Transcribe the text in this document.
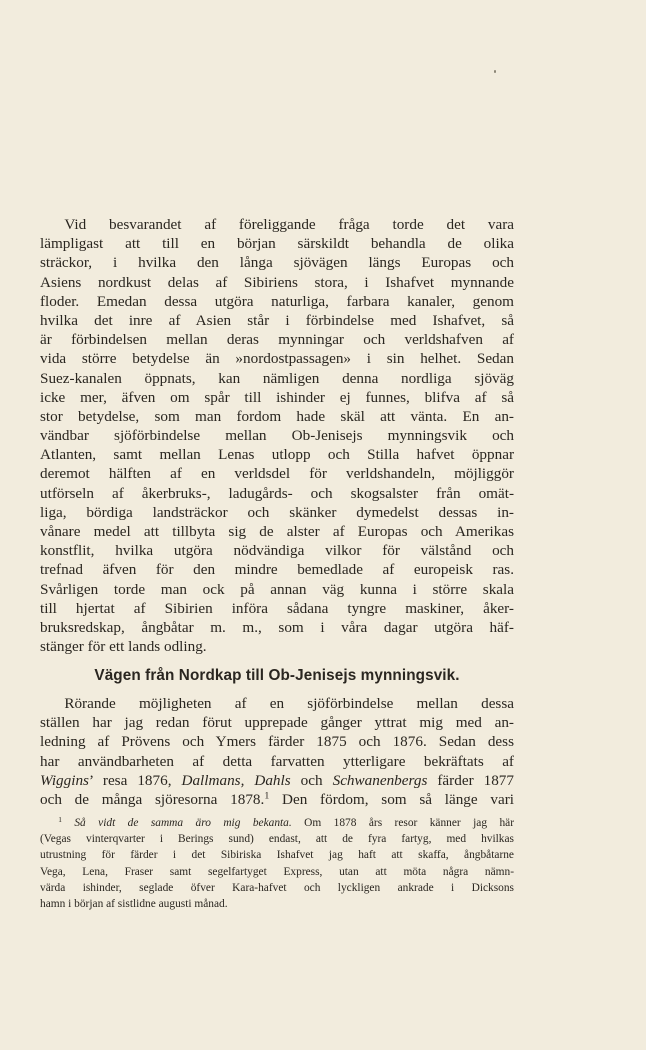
Vid besvarandet af föreliggande fråga torde det vara
lämpligast att till en början särskildt behandla de olika
sträckor, i hvilka den långa sjövägen längs Europas och
Asiens nordkust delas af Sibiriens stora, i Ishafvet mynnande
floder. Emedan dessa utgöra naturliga, farbara kanaler, genom
hvilka det inre af Asien står i förbindelse med Ishafvet, så
är förbindelsen mellan deras mynningar och verldshafven af
vida större betydelse än »nordostpassagen» i sin helhet. Sedan
Suez-kanalen öppnats, kan nämligen denna nordliga sjöväg
icke mer, äfven om spår till ishinder ej funnes, blifva af så
stor betydelse, som man fordom hade skäl att vänta. En an-
vändbar sjöförbindelse mellan Ob-Jenisejs mynningsvik och
Atlanten, samt mellan Lenas utlopp och Stilla hafvet öppnar
deremot hälften af en verldsdel för verldshandeln, möjliggör
utförseln af åkerbruks-, ladugårds- och skogsalster från omät-
liga, bördiga landsträckor och skänker dymedelst dessas in-
vånare medel att tillbyta sig de alster af Europas och Amerikas
konstflit, hvilka utgöra nödvändiga vilkor för välstånd och
trefnad äfven för den mindre bemedlade af europeisk ras.
Svårligen torde man ock på annan väg kunna i större skala
till hjertat af Sibirien införa sådana tyngre maskiner, åker-
bruksredskap, ångbåtar m. m., som i våra dagar utgöra häf-
stänger för ett lands odling.
Vägen från Nordkap till Ob-Jenisejs mynningsvik.
Rörande möjligheten af en sjöförbindelse mellan dessa
ställen har jag redan förut upprepade gånger yttrat mig med an-
ledning af Prövens och Ymers färder 1875 och 1876. Sedan dess
har användbarheten af detta farvatten ytterligare bekräftats af
Wiggins’ resa 1876, Dallmans, Dahls och Schwanenbergs färder 1877
och de många sjöresorna 1878.$^1$ Den fördom, som så länge vari
$^1$ Så vidt de samma äro mig bekanta. Om 1878 års resor känner jag här
(Vegas vinterqvarter i Berings sund) endast, att de fyra fartyg, med hvilkas
utrustning för färder i det Sibiriska Ishafvet jag haft att skaffa, ångbåtarne
Vega, Lena, Fraser samt segelfartyget Express, utan att möta några nämn-
värda ishinder, seglade öfver Kara-hafvet och lyckligen ankrade i Dicksons
hamn i början af sistlidne augusti månad.
